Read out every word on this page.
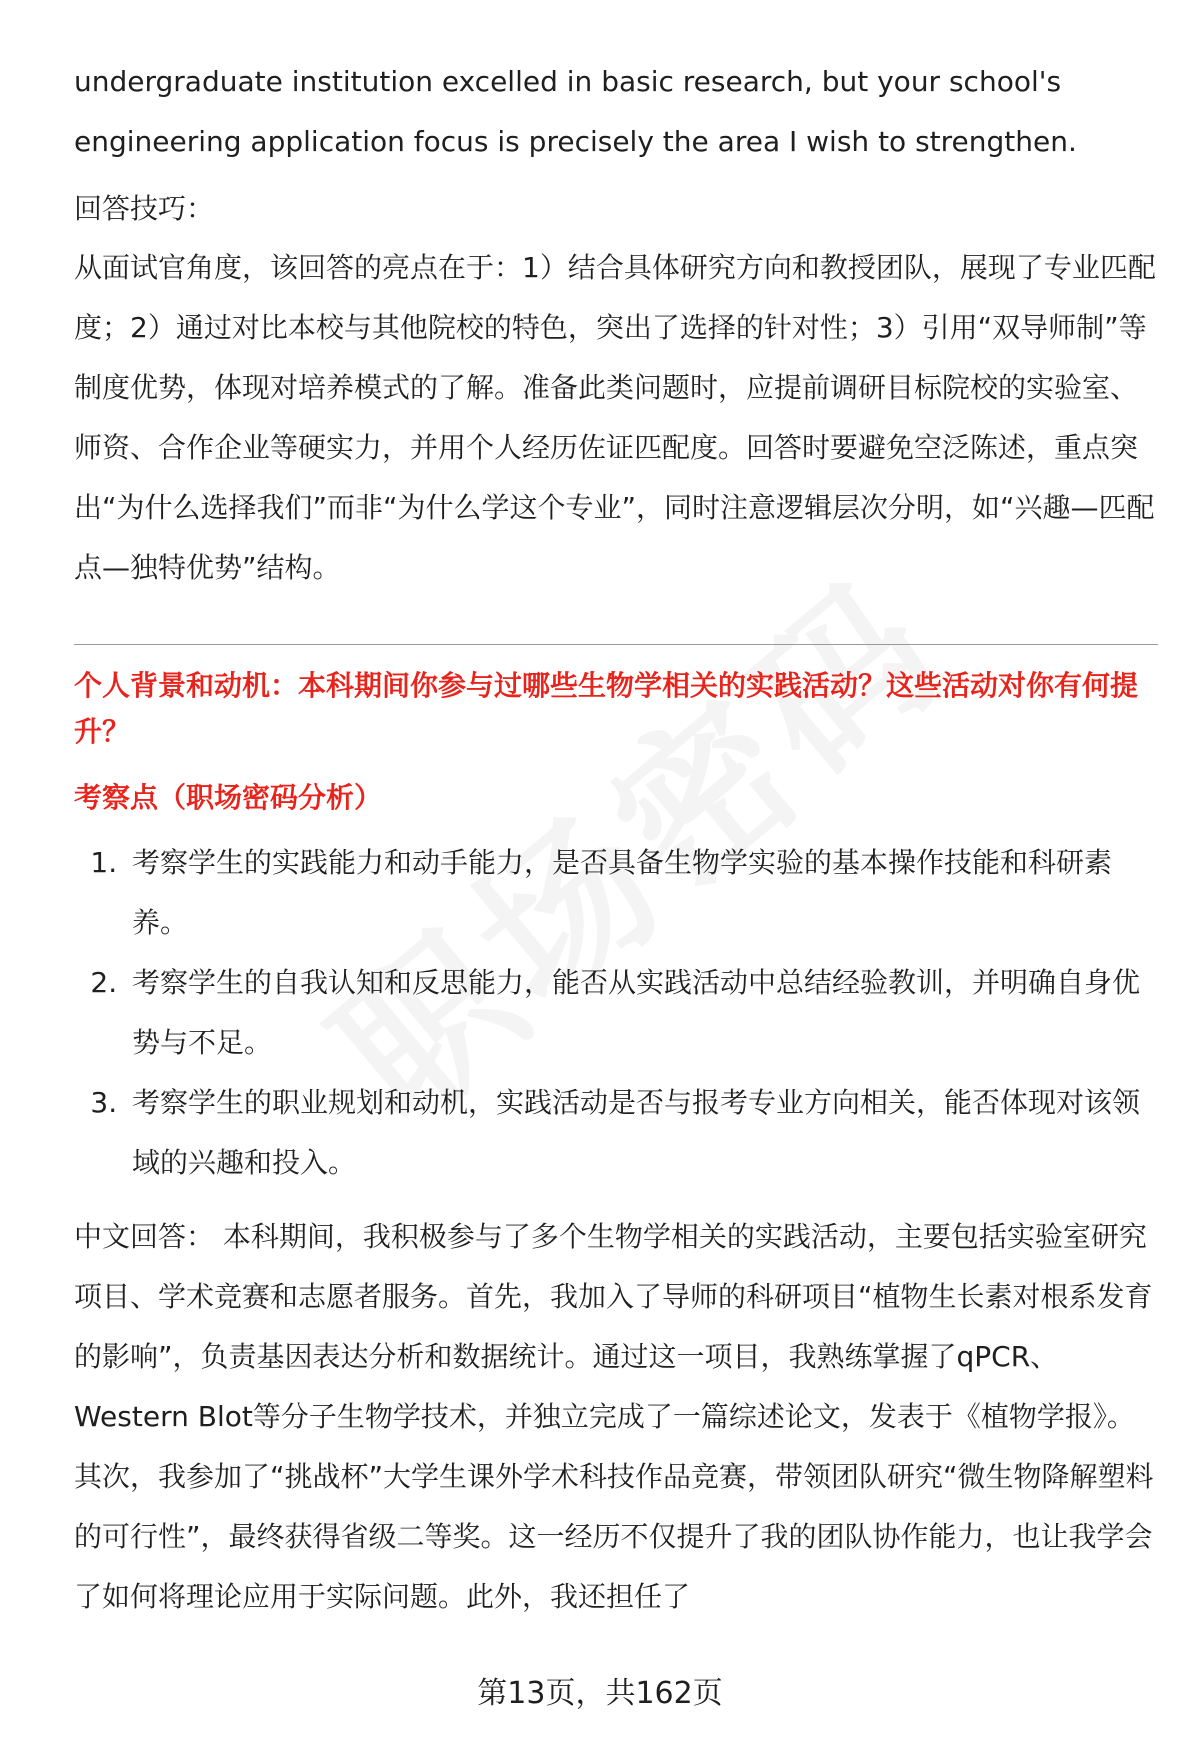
undergraduate institution excelled in basic research, but your school's engineering application focus is precisely the area I wish to strengthen.

回答技巧：

从面试官角度，该回答的亮点在于：1）结合具体研究方向和教授团队，展现了专业匹配度；2）通过对比本校与其他院校的特色，突出了选择的针对性；3）引用“双导师制”等制度优势，体现对培养模式的了解。准备此类问题时，应提前调研目标院校的实验室、师资、合作企业等硬实力，并用个人经历佐证匹配度。回答时要避免空泛陈述，重点突出“为什么选择我们”而非“为什么学这个专业”，同时注意逻辑层次分明，如“兴趣—匹配点—独特优势”结构。

个人背景和动机：本科期间你参与过哪些生物学相关的实践活动？这些活动对你有何提升？

考察点（职场密码分析）
1. 考察学生的实践能力和动手能力，是否具备生物学实验的基本操作技能和科研素养。
2. 考察学生的自我认知和反思能力，能否从实践活动中总结经验教训，并明确自身优势与不足。
3. 考察学生的职业规划和动机，实践活动是否与报考专业方向相关，能否体现对该领域的兴趣和投入。

中文回答： 本科期间，我积极参与了多个生物学相关的实践活动，主要包括实验室研究项目、学术竞赛和志愿者服务。首先，我加入了导师的科研项目“植物生长素对根系发育的影响”，负责基因表达分析和数据统计。通过这一项目，我熟练掌握了qPCR、Western Blot等分子生物学技术，并独立完成了一篇综述论文，发表于《植物学报》。其次，我参加了“挑战杯”大学生课外学术科技作品竞赛，带领团队研究“微生物降解塑料的可行性”，最终获得省级二等奖。这一经历不仅提升了我的团队协作能力，也让我学会了如何将理论应用于实际问题。此外，我还担任了

第13页，共162页
